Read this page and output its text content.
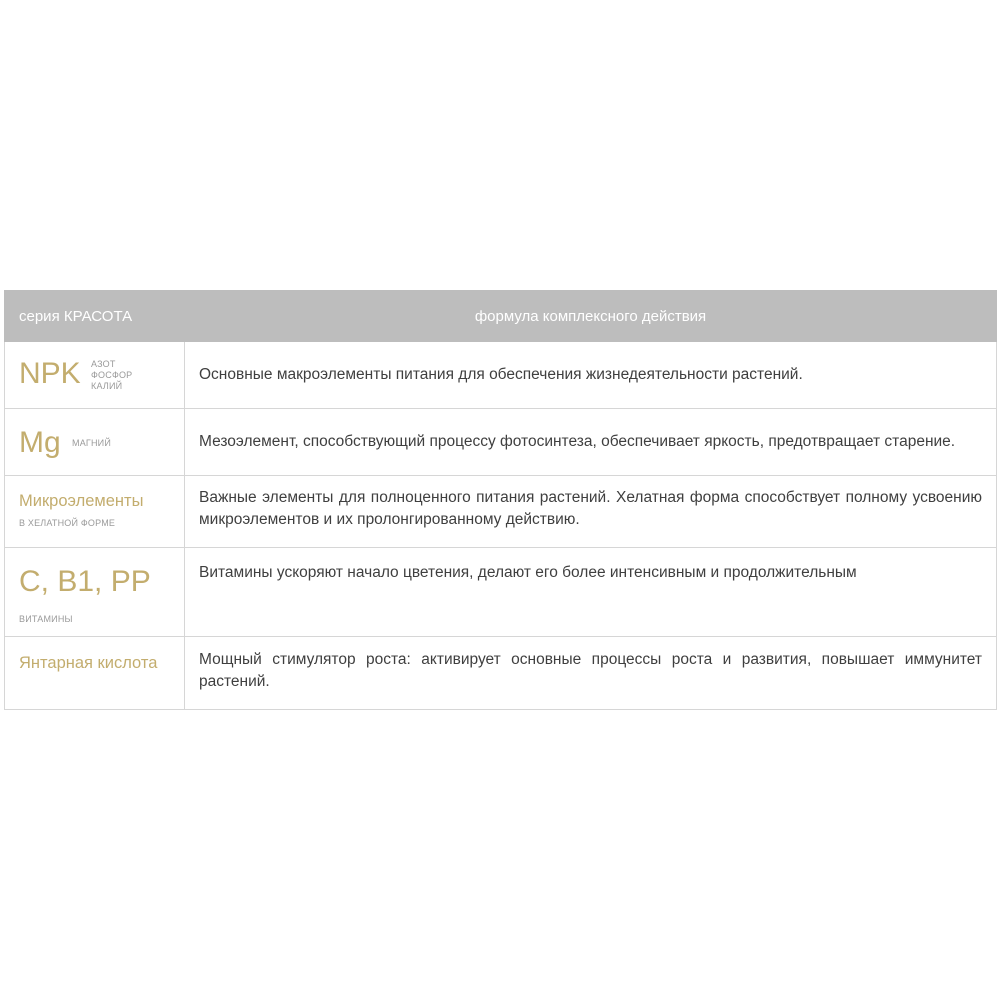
серия КРАСОТА	формула комплексного действия
NPK АЗОТ
ФОСФОР
КАЛИЙ	Основные макроэлементы питания для обеспечения жизнедеятельности растений.
Mg МАГНИЙ	Мезоэлемент, способствующий процессу фотосинтеза, обеспечивает яркость, предотвращает старение.

Микроэлементы
В ХЕЛАТНОЙ ФОРМЕ	Важные элементы для полноценного питания растений. Хелатная форма способствует полному усвоению микроэлементов и их пролонгированному действию.
C, B1, PP
ВИТАМИНЫ	Витамины ускоряют начало цветения, делают его более интенсивным и продолжительным

Янтарная кислота	Мощный стимулятор роста: активирует основные процессы роста и развития, повышает иммунитет растений.
